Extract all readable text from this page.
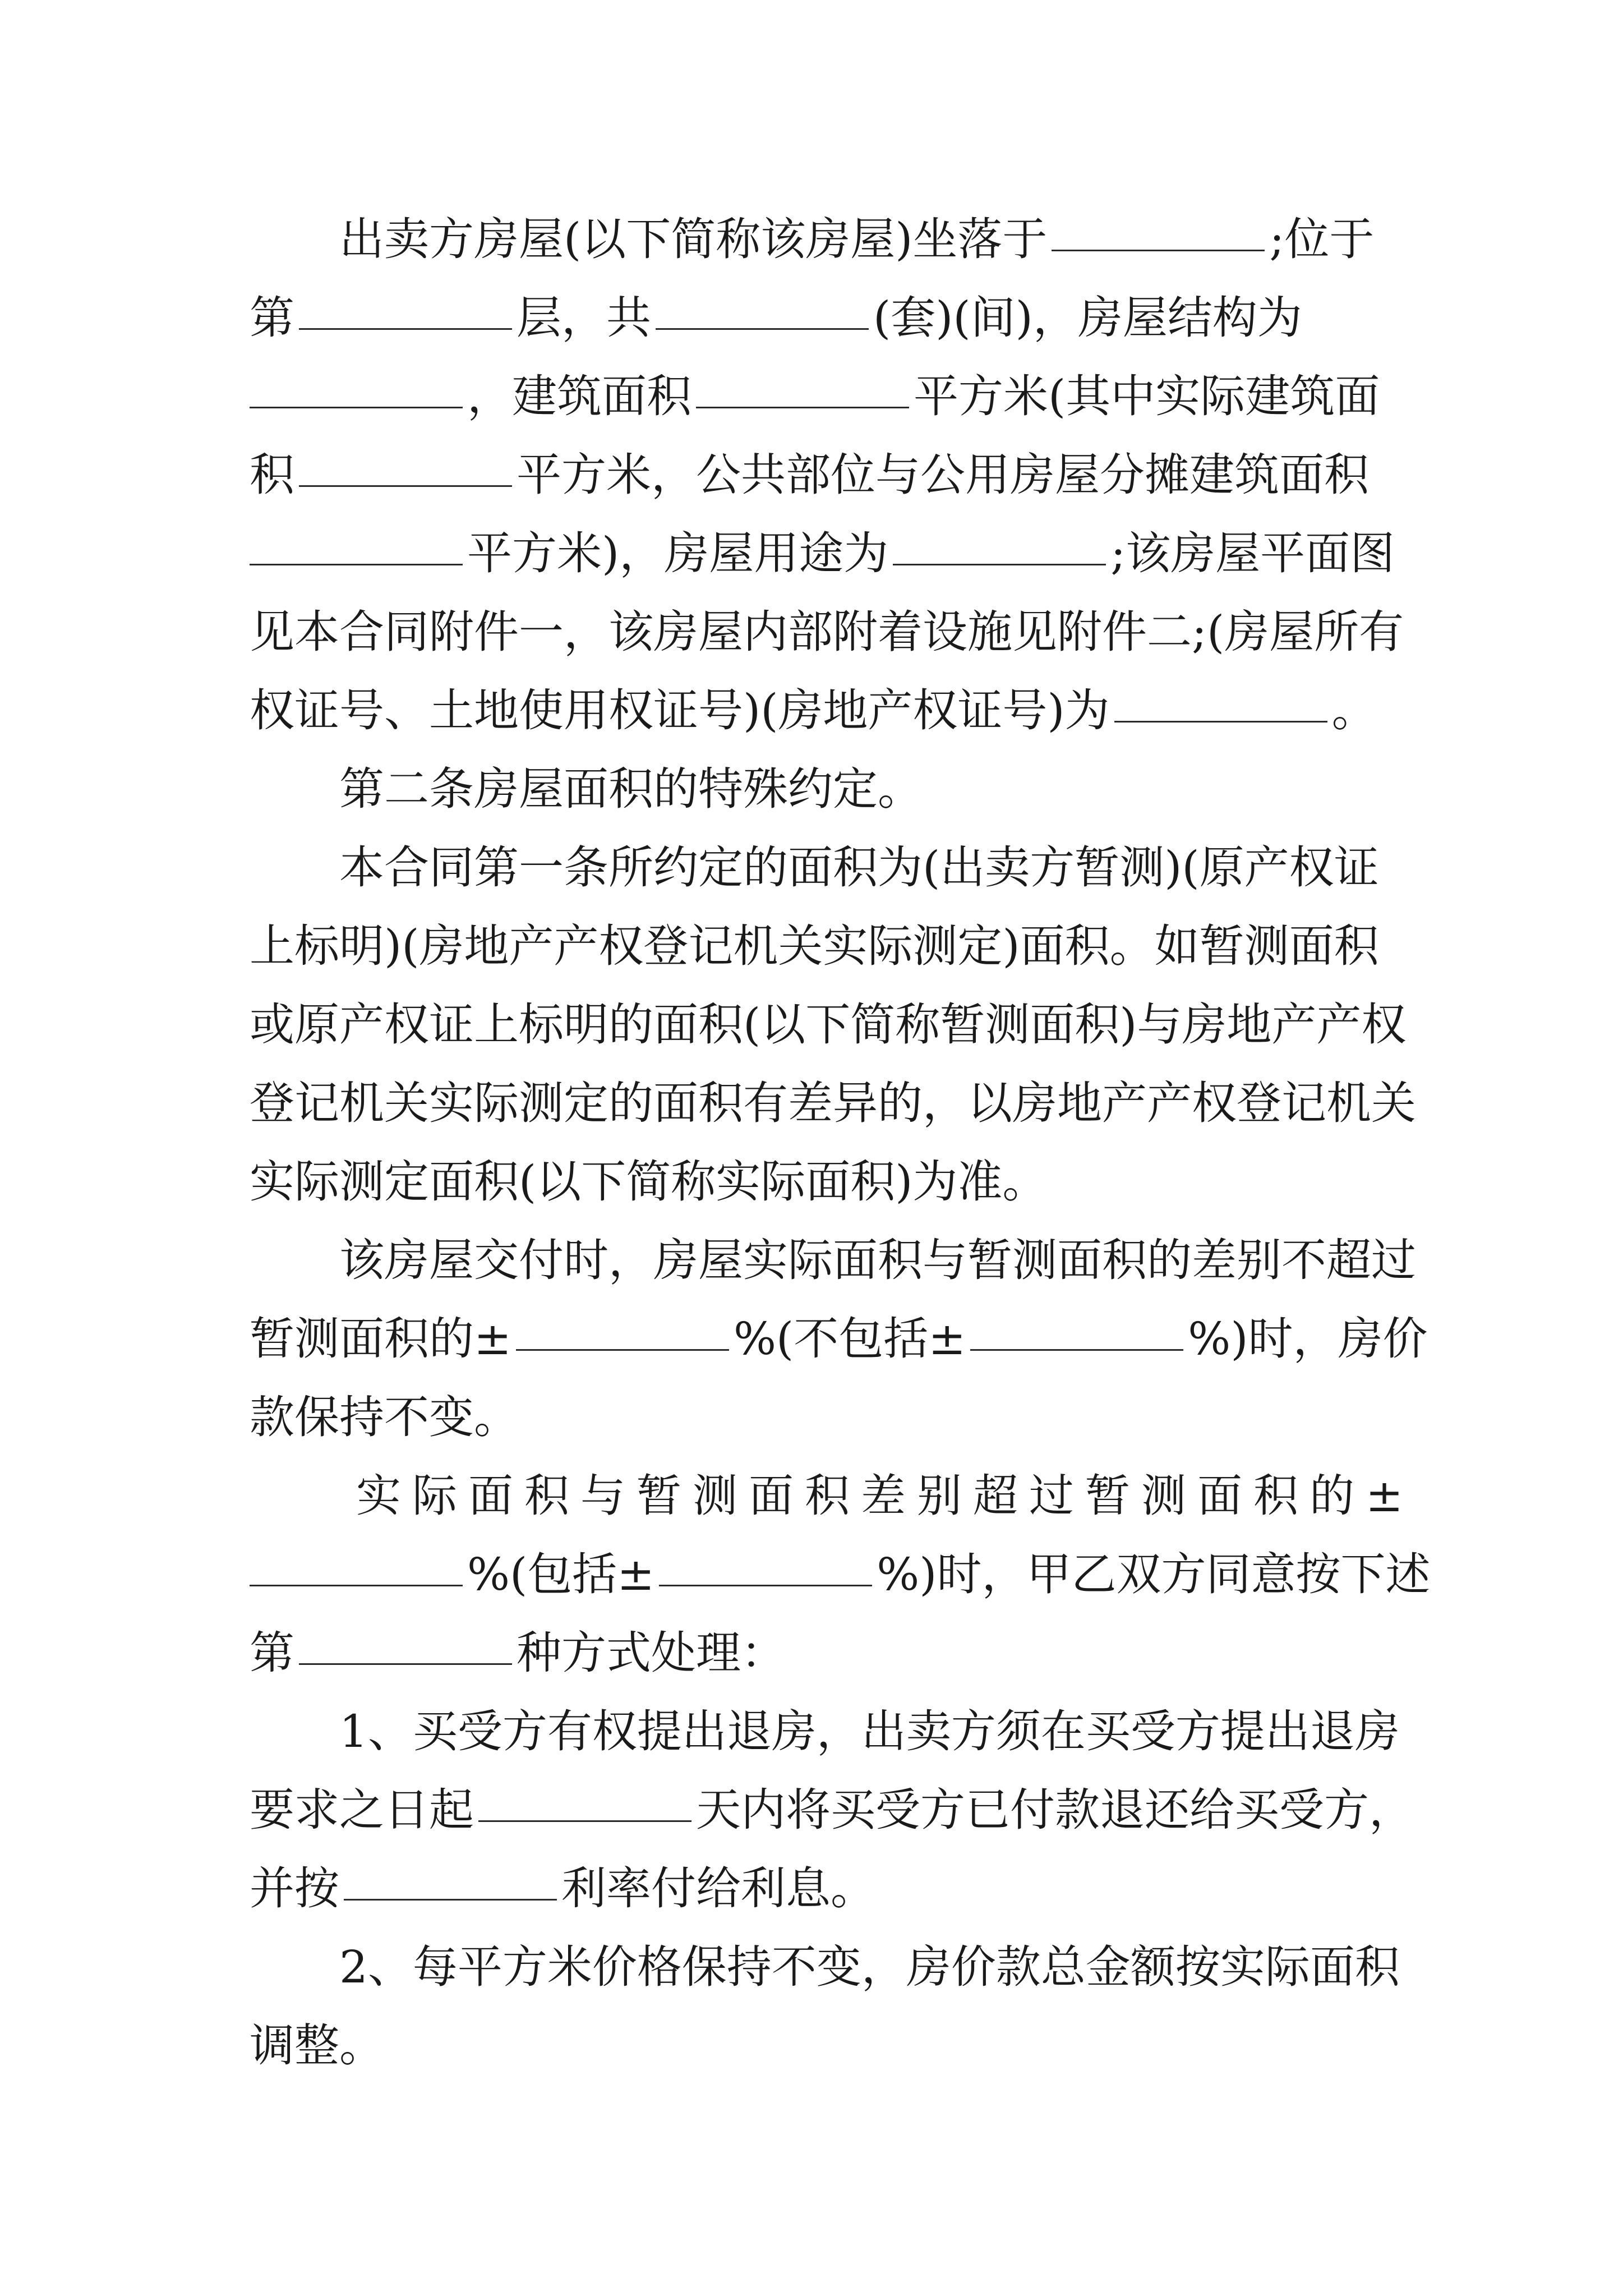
出卖方房屋(以下简称该房屋)坐落于	;位于
第	层，共	(套)(间)，房屋结构为
，建筑面积	平方米(其中实际建筑面
积	平方米，公共部位与公用房屋分摊建筑面积
平方米)，房屋用途为	;该房屋平面图
见本合同附件一，该房屋内部附着设施见附件二;(房屋所有
权证号、土地使用权证号)(房地产权证号)为	。
第二条房屋面积的特殊约定。
本合同第一条所约定的面积为(出卖方暂测)(原产权证
上标明)(房地产产权登记机关实际测定)面积。如暂测面积
或原产权证上标明的面积(以下简称暂测面积)与房地产产权
登记机关实际测定的面积有差异的，以房地产产权登记机关
实际测定面积(以下简称实际面积)为准。
该房屋交付时，房屋实际面积与暂测面积的差别不超过
暂测面积的±	%(不包括±	%)时，房价
款保持不变。
实际面积与暂测面积差别超过暂测面积的±
%(包括±	%)时，甲乙双方同意按下述
第	种方式处理：
1、买受方有权提出退房，出卖方须在买受方提出退房
要求之日起	天内将买受方已付款退还给买受方，
并按	利率付给利息。
2、每平方米价格保持不变，房价款总金额按实际面积
调整。
